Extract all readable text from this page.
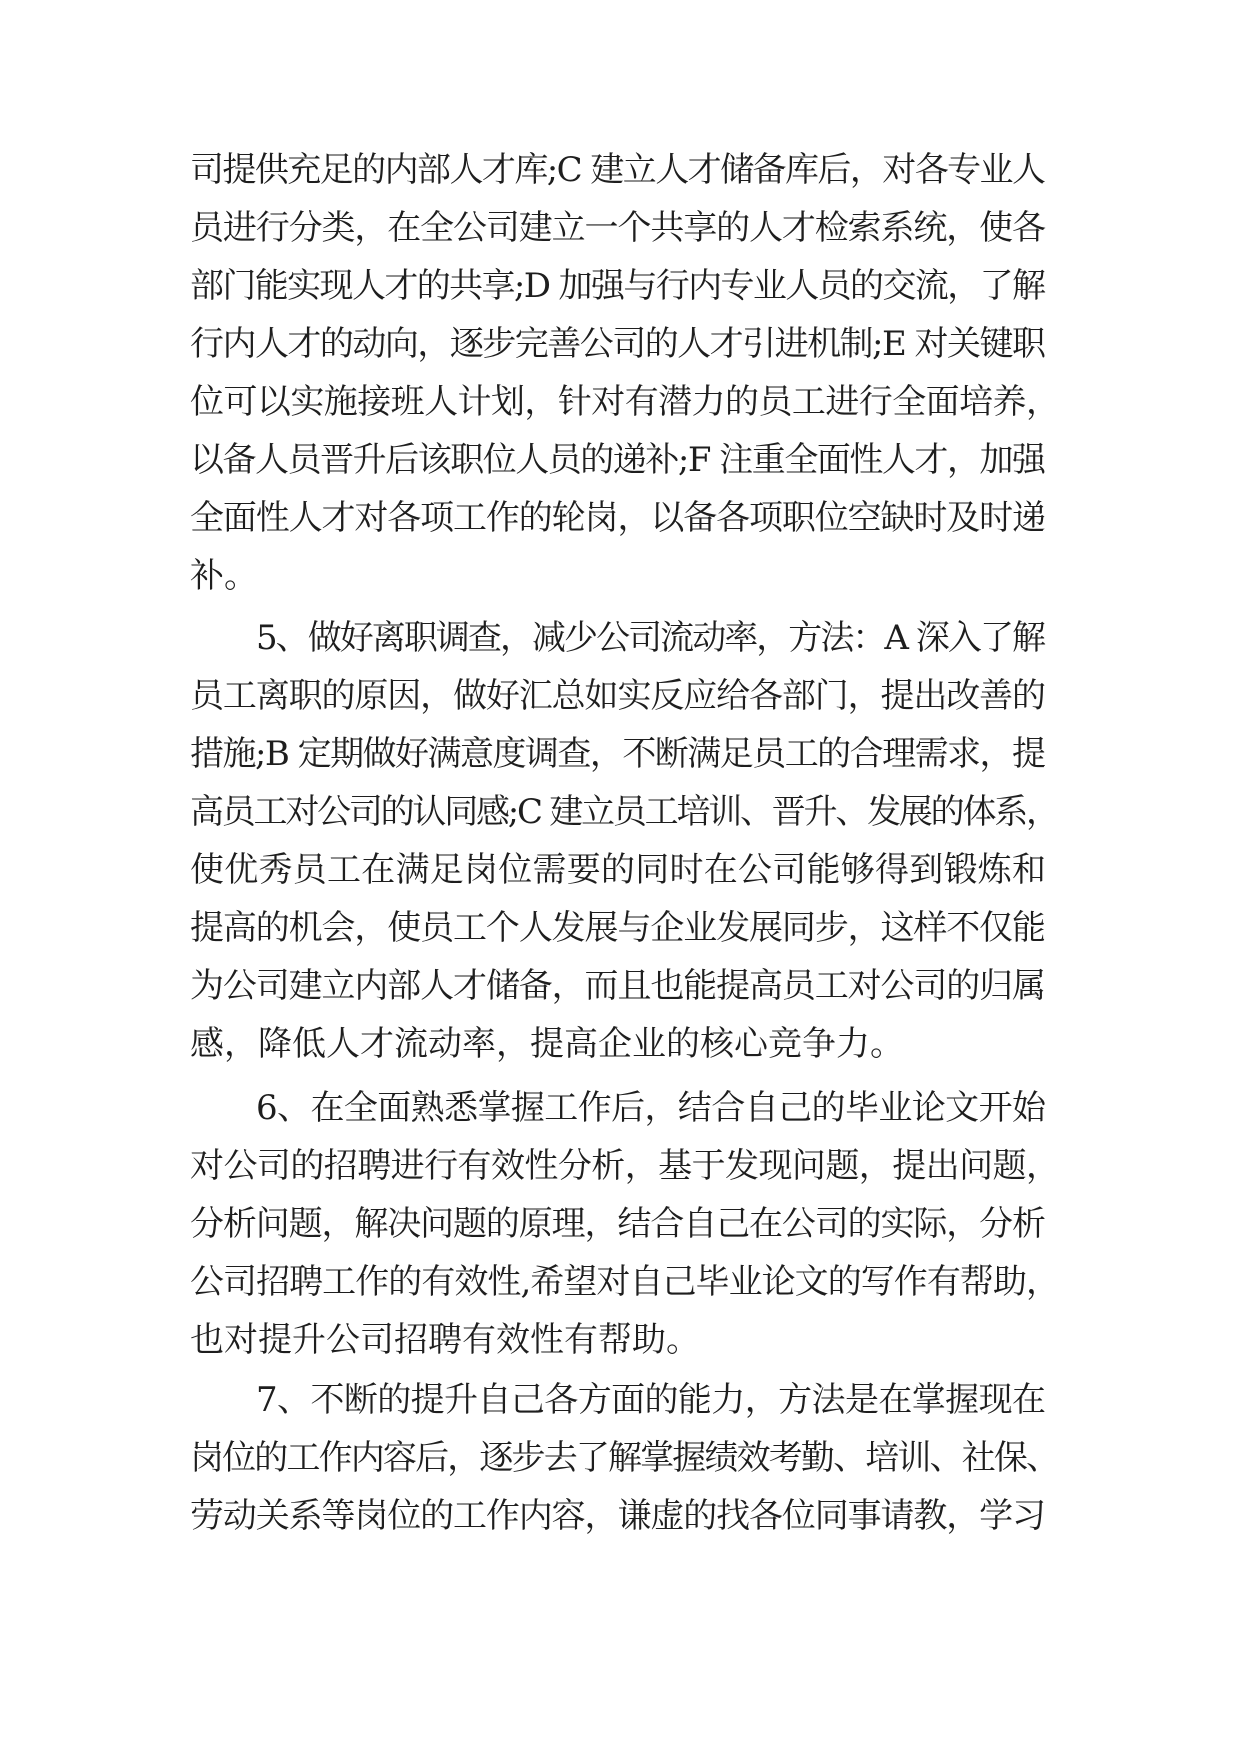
司提供充足的内部人才库;C 建立人才储备库后，对各专业人
员进行分类，在全公司建立一个共享的人才检索系统，使各
部门能实现人才的共享;D 加强与行内专业人员的交流，了解
行内人才的动向，逐步完善公司的人才引进机制;E 对关键职
位可以实施接班人计划，针对有潜力的员工进行全面培养，
以备人员晋升后该职位人员的递补;F 注重全面性人才，加强
全面性人才对各项工作的轮岗，以备各项职位空缺时及时递
补。
5、做好离职调查，减少公司流动率，方法：A 深入了解
员工离职的原因，做好汇总如实反应给各部门，提出改善的
措施;B 定期做好满意度调查，不断满足员工的合理需求，提
高员工对公司的认同感;C 建立员工培训、晋升、发展的体系，
使优秀员工在满足岗位需要的同时在公司能够得到锻炼和
提高的机会，使员工个人发展与企业发展同步，这样不仅能
为公司建立内部人才储备，而且也能提高员工对公司的归属
感，降低人才流动率，提高企业的核心竞争力。
6、在全面熟悉掌握工作后，结合自己的毕业论文开始
对公司的招聘进行有效性分析，基于发现问题，提出问题，
分析问题，解决问题的原理，结合自己在公司的实际，分析
公司招聘工作的有效性,希望对自己毕业论文的写作有帮助，
也对提升公司招聘有效性有帮助。
7、不断的提升自己各方面的能力，方法是在掌握现在
岗位的工作内容后，逐步去了解掌握绩效考勤、培训、社保、
劳动关系等岗位的工作内容，谦虚的找各位同事请教，学习
